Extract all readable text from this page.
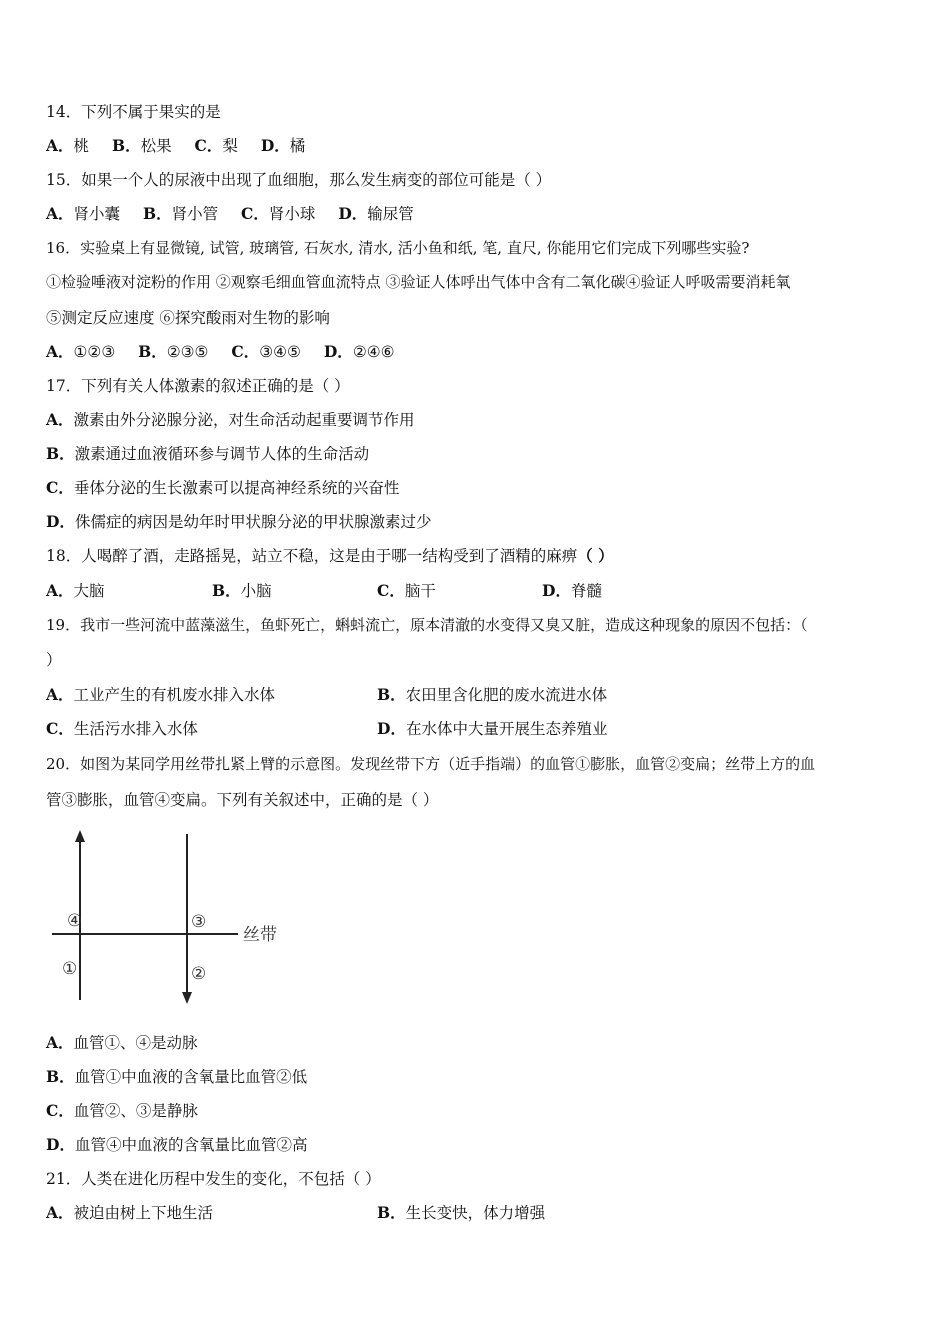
14．下列不属于果实的是
A．桃 B．松果 C．梨 D．橘
15．如果一个人的尿液中出现了血细胞，那么发生病变的部位可能是（ ）
A．肾小囊 B．肾小管 C．肾小球 D．输尿管
16．实验桌上有显微镜, 试管, 玻璃管, 石灰水, 清水, 活小鱼和纸, 笔, 直尺, 你能用它们完成下列哪些实验?
①检验唾液对淀粉的作用 ②观察毛细血管血流特点 ③验证人体呼出气体中含有二氧化碳④验证人呼吸需要消耗氧
⑤测定反应速度 ⑥探究酸雨对生物的影响
A．①②③ B．②③⑤ C．③④⑤ D．②④⑥
17．下列有关人体激素的叙述正确的是（ ）
A．激素由外分泌腺分泌，对生命活动起重要调节作用
B．激素通过血液循环参与调节人体的生命活动
C．垂体分泌的生长激素可以提高神经系统的兴奋性
D．侏儒症的病因是幼年时甲状腺分泌的甲状腺激素过少
18．人喝醉了酒，走路摇晃，站立不稳，这是由于哪一结构受到了酒精的麻痹（ ）
A．大脑	B．小脑	C．脑干	D．脊髓
19．我市一些河流中蓝藻滋生，鱼虾死亡，蝌蚪流亡，原本清澈的水变得又臭又脏，造成这种现象的原因不包括：（
）
A．工业产生的有机废水排入水体	B．农田里含化肥的废水流进水体
C．生活污水排入水体	D．在水体中大量开展生态养殖业
20．如图为某同学用丝带扎紧上臂的示意图。发现丝带下方（近手指端）的血管①膨胀，血管②变扁；丝带上方的血
管③膨胀，血管④变扁。下列有关叙述中，正确的是（ ）
④	③
①	②
丝带
A．血管①、④是动脉
B．血管①中血液的含氧量比血管②低
C．血管②、③是静脉
D．血管④中血液的含氧量比血管②高
21．人类在进化历程中发生的变化，不包括（ ）
A．被迫由树上下地生活	B．生长变快，体力增强
